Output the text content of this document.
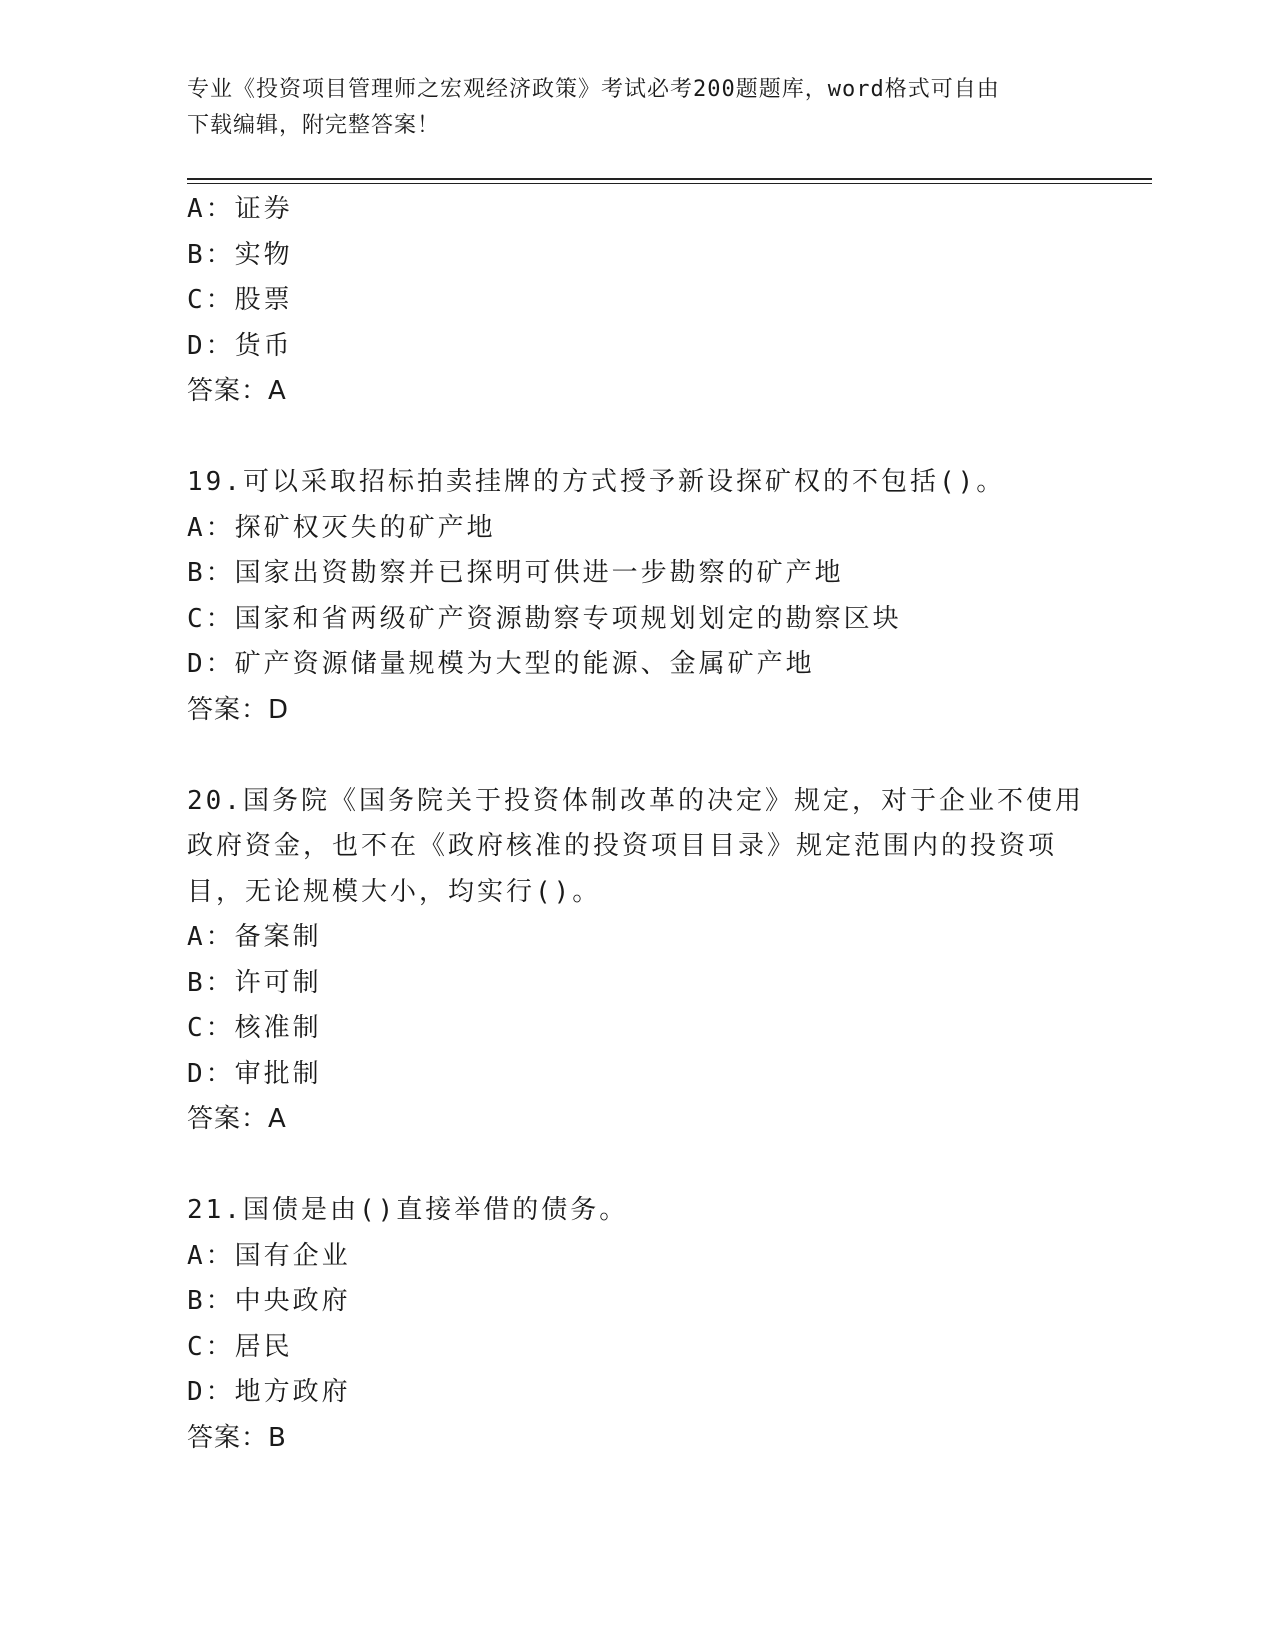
专业《投资项目管理师之宏观经济政策》考试必考200题题库，word格式可自由
下载编辑，附完整答案！
A：证券
B：实物
C：股票
D：货币
答案：A
19.可以采取招标拍卖挂牌的方式授予新设探矿权的不包括()。
A：探矿权灭失的矿产地
B：国家出资勘察并已探明可供进一步勘察的矿产地
C：国家和省两级矿产资源勘察专项规划划定的勘察区块
D：矿产资源储量规模为大型的能源、金属矿产地
答案：D
20.国务院《国务院关于投资体制改革的决定》规定，对于企业不使用
政府资金，也不在《政府核准的投资项目目录》规定范围内的投资项
目，无论规模大小，均实行()。
A：备案制
B：许可制
C：核准制
D：审批制
答案：A
21.国债是由()直接举借的债务。
A：国有企业
B：中央政府
C：居民
D：地方政府
答案：B
